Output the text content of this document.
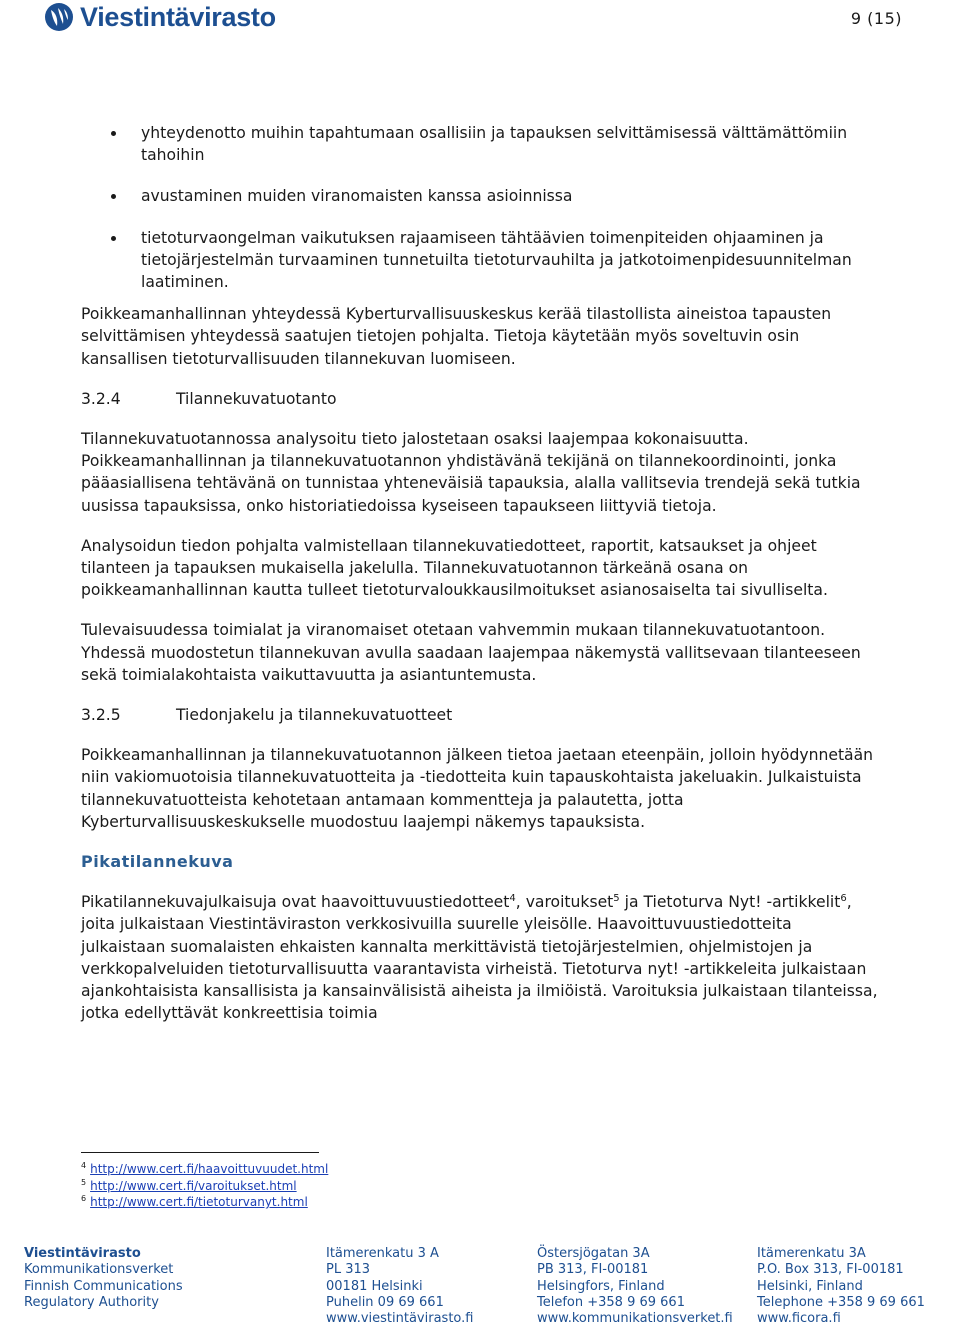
Viestintävirasto	9 (15)
yhteydenotto muihin tapahtumaan osallisiin ja tapauksen selvittämisessä välttämättömiin tahoihin
avustaminen muiden viranomaisten kanssa asioinnissa
tietoturvaongelman vaikutuksen rajaamiseen tähtäävien toimenpiteiden ohjaaminen ja tietojärjestelmän turvaaminen tunnetuilta tietoturvauhilta ja jatkotoimenpidesuunnitelman laatiminen.

Poikkeamanhallinnan yhteydessä Kyberturvallisuuskeskus kerää tilastollista aineistoa tapausten selvittämisen yhteydessä saatujen tietojen pohjalta. Tietoja käytetään myös soveltuvin osin kansallisen tietoturvallisuuden tilannekuvan luomiseen.

3.2.4	Tilannekuvatuotanto

Tilannekuvatuotannossa analysoitu tieto jalostetaan osaksi laajempaa kokonaisuutta. Poikkeamanhallinnan ja tilannekuvatuotannon yhdistävänä tekijänä on tilannekoordinointi, jonka pääasiallisena tehtävänä on tunnistaa yhteneväisiä tapauksia, alalla vallitsevia trendejä sekä tutkia uusissa tapauksissa, onko historiatiedoissa kyseiseen tapaukseen liittyviä tietoja.

Analysoidun tiedon pohjalta valmistellaan tilannekuvatiedotteet, raportit, katsaukset ja ohjeet tilanteen ja tapauksen mukaisella jakelulla. Tilannekuvatuotannon tärkeänä osana on poikkeamanhallinnan kautta tulleet tietoturvaloukkausilmoitukset asianosaiselta tai sivulliselta.

Tulevaisuudessa toimialat ja viranomaiset otetaan vahvemmin mukaan tilannekuvatuotantoon. Yhdessä muodostetun tilannekuvan avulla saadaan laajempaa näkemystä vallitsevaan tilanteeseen sekä toimialakohtaista vaikuttavuutta ja asiantuntemusta.

3.2.5	Tiedonjakelu ja tilannekuvatuotteet

Poikkeamanhallinnan ja tilannekuvatuotannon jälkeen tietoa jaetaan eteenpäin, jolloin hyödynnetään niin vakiomuotoisia tilannekuvatuotteita ja -tiedotteita kuin tapauskohtaista jakeluakin. Julkaistuista tilannekuvatuotteista kehotetaan antamaan kommentteja ja palautetta, jotta Kyberturvallisuuskeskukselle muodostuu laajempi näkemys tapauksista.

Pikatilannekuva

Pikatilannekuvajulkaisuja ovat haavoittuvuustiedotteet$^4$, varoitukset$^5$ ja Tietoturva Nyt! -artikkelit$^6$, joita julkaistaan Viestintäviraston verkkosivuilla suurelle yleisölle. Haavoittuvuustiedotteita julkaistaan suomalaisten ehkaisten kannalta merkittävistä tietojärjestelmien, ohjelmistojen ja verkkopalveluiden tietoturvallisuutta vaarantavista virheistä. Tietoturva nyt! -artikkeleita julkaistaan ajankohtaisista kansallisista ja kansainvälisistä aiheista ja ilmiöistä. Varoituksia julkaistaan tilanteissa, jotka edellyttävät konkreettisia toimia

$^4$ http://www.cert.fi/haavoittuvuudet.html
$^5$ http://www.cert.fi/varoitukset.html
$^6$ http://www.cert.fi/tietoturvanyt.html
Viestintävirasto
Kommunikationsverket
Finnish Communications
Regulatory Authority
Itämerenkatu 3 A
PL 313
00181 Helsinki
Puhelin 09 69 661
www.viestintävirasto.fi
Östersjögatan 3A
PB 313, FI-00181
Helsingfors, Finland
Telefon +358 9 69 661
www.kommunikationsverket.fi
Itämerenkatu 3A
P.O. Box 313, FI-00181
Helsinki, Finland
Telephone +358 9 69 661
www.ficora.fi
